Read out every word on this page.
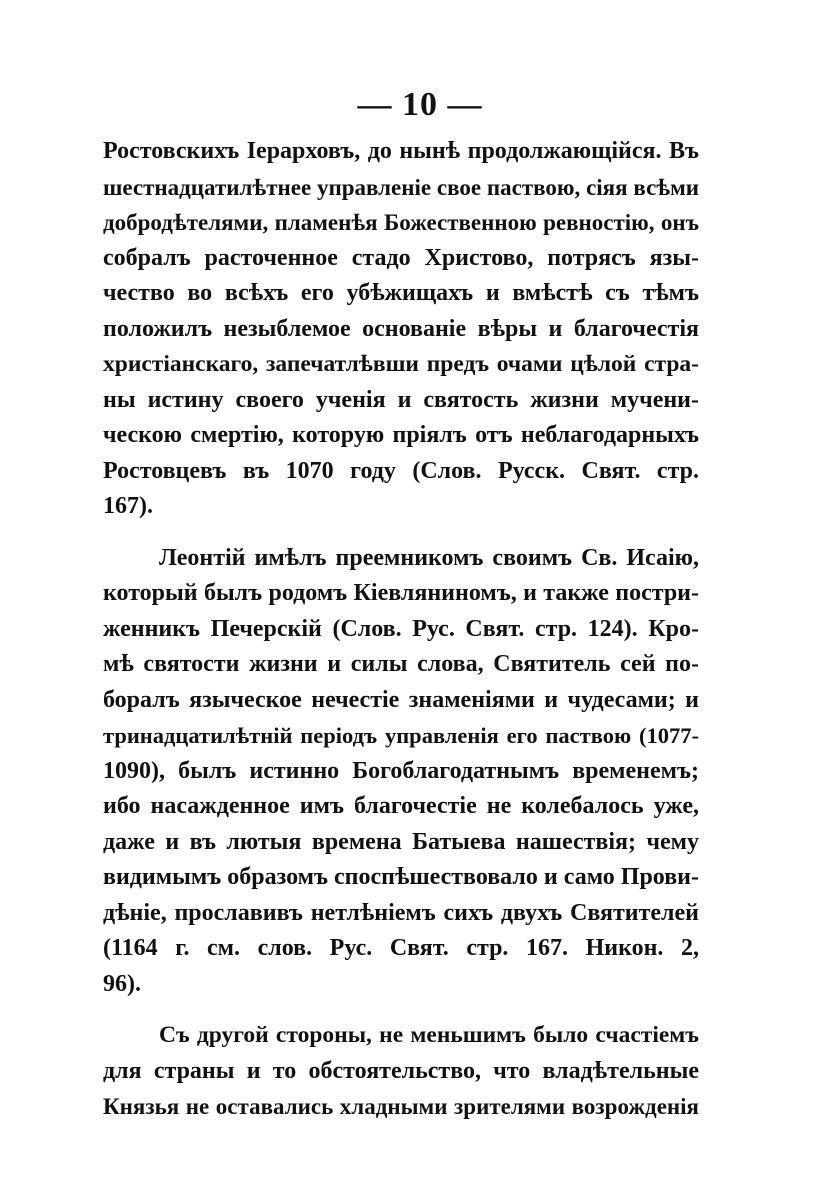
— 10 —
Ростовскихъ Іерарховъ, до нынѣ продолжающійся. Въ
шестнадцатилѣтнее управленіе свое паствою, сіяя всѣми
добродѣтелями, пламенѣя Божественною ревностію, онъ
собралъ расточенное стадо Христово, потрясъ язы-
чество во всѣхъ его убѣжищахъ и вмѣстѣ съ тѣмъ
положилъ незыблемое основаніе вѣры и благочестія
христіанскаго, запечатлѣвши предъ очами цѣлой стра-
ны истину своего ученія и святость жизни мучени-
ческою смертію, которую пріялъ отъ неблагодарныхъ
Ростовцевъ въ 1070 году (Слов. Русск. Свят. стр.
167).
Леонтій имѣлъ преемникомъ своимъ Св. Исаію,
который былъ родомъ Кіевляниномъ, и также постри-
женникъ Печерскій (Слов. Рус. Свят. стр. 124). Кро-
мѣ святости жизни и силы слова, Святитель сей по-
боралъ языческое нечестіе знаменіями и чудесами; и
тринадцатилѣтній періодъ управленія его паствою (1077-
1090), былъ истинно Богоблагодатнымъ временемъ;
ибо насажденное имъ благочестіе не колебалось уже,
даже и въ лютыя времена Батыева нашествія; чему
видимымъ образомъ споспѣшествовало и само Прови-
дѣніе, прославивъ нетлѣніемъ сихъ двухъ Святителей
(1164 г. см. слов. Рус. Свят. стр. 167. Никон. 2,
96).
Съ другой стороны, не меньшимъ было счастіемъ
для страны и то обстоятельство, что владѣтельные
Князья не оставались хладными зрителями возрожденія
